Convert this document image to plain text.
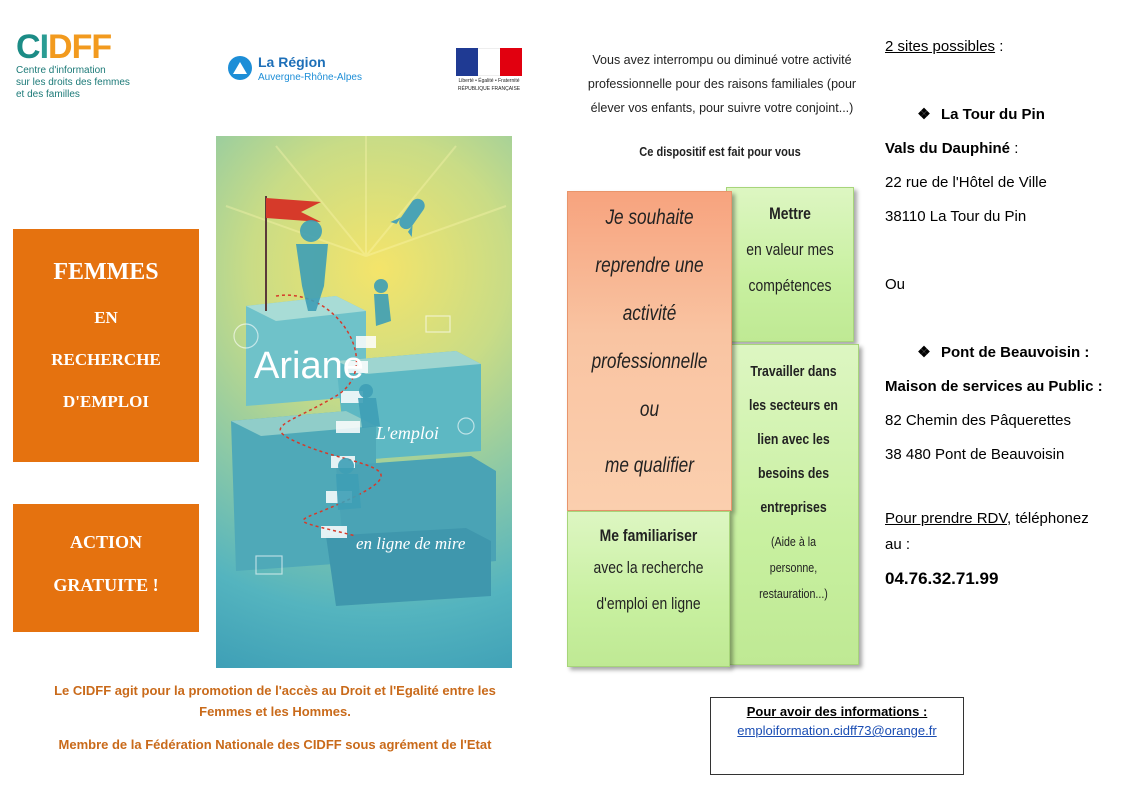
CIDFF
Centre d'information
sur les droits des femmes
et des familles
La Région
Auvergne-Rhône-Alpes	Liberté • Égalité • Fraternité
RÉPUBLIQUE FRANÇAISE
FEMMES
EN
RECHERCHE
D'EMPLOI
ACTION
GRATUITE !
Ariane
L'emploi
en ligne de mire
Vous avez interrompu ou diminué votre activité
professionnelle pour des raisons familiales (pour
élever vos enfants, pour suivre votre conjoint...)
Ce dispositif est fait pour vous
Mettre
en valeur mes
compétences
Travailler dans
les secteurs en
lien avec les
besoins des
entreprises
(Aide à la
personne,
restauration...)
Je souhaite
reprendre une
activité
professionnelle
ou
me qualifier
Me familiariser
avec la recherche
d'emploi en ligne

Le CIDFF agit pour la promotion de l'accès au Droit et l'Egalité entre les Femmes et les Hommes.

Membre de la Fédération Nationale des CIDFF sous agrément de l'Etat

Pour avoir des informations :
emploiformation.cidff73@orange.fr
2 sites possibles :
❖ La Tour du Pin
Vals du Dauphiné :
22 rue de l'Hôtel de Ville
38110 La Tour du Pin
Ou
❖ Pont de Beauvoisin :
Maison de services au Public :
82 Chemin des Pâquerettes
38 480 Pont de Beauvoisin
Pour prendre RDV, téléphonez
au :
04.76.32.71.99
